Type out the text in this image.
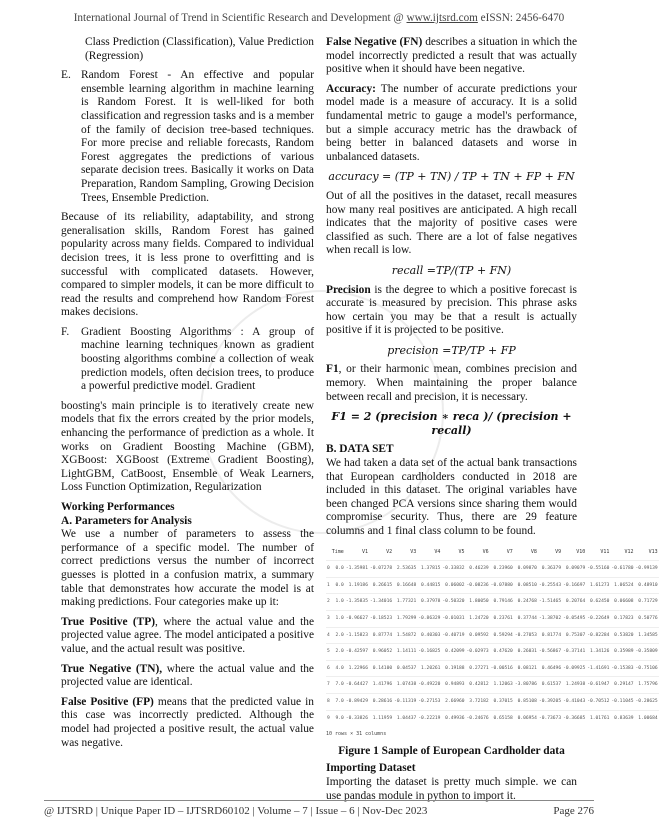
International Journal of Trend in Scientific Research and Development @ www.ijtsrd.com eISSN: 2456-6470

Class Prediction (Classification), Value Prediction (Regression)

E. Random Forest - An effective and popular ensemble learning algorithm in machine learning is Random Forest. It is well-liked for both classification and regression tasks and is a member of the family of decision tree-based techniques. For more precise and reliable forecasts, Random Forest aggregates the predictions of various separate decision trees. Basically it works on Data Preparation, Random Sampling, Growing Decision Trees, Ensemble Prediction.

Because of its reliability, adaptability, and strong generalisation skills, Random Forest has gained popularity across many fields. Compared to individual decision trees, it is less prone to overfitting and is successful with complicated datasets. However, compared to simpler models, it can be more difficult to read the results and comprehend how Random Forest makes decisions.

F.	Gradient Boosting Algorithms : A group of machine learning techniques known as gradient boosting algorithms combine a collection of weak prediction models, often decision trees, to produce a powerful predictive model. Gradient

boosting's main principle is to iteratively create new models that fix the errors created by the prior models, enhancing the performance of prediction as a whole. It works on Gradient Boosting Machine (GBM), XGBoost: XGBoost (Extreme Gradient Boosting), LightGBM, CatBoost, Ensemble of Weak Learners, Loss Function Optimization, Regularization

Working Performances

A. Parameters for Analysis

We use a number of parameters to assess the performance of a specific model. The number of correct predictions versus the number of incorrect guesses is plotted in a confusion matrix, a summary table that demonstrates how accurate the model is at making predictions. Four categories make up it:

True Positive (TP), where the actual value and the projected value agree. The model anticipated a positive value, and the actual result was positive.

True Negative (TN), where the actual value and the projected value are identical.

False Positive (FP) means that the predicted value in this case was incorrectly predicted. Although the model had projected a positive result, the actual value was negative.

False Negative (FN) describes a situation in which the model incorrectly predicted a result that was actually positive when it should have been negative.

Accuracy: The number of accurate predictions your model made is a measure of accuracy. It is a solid fundamental metric to gauge a model's performance, but a simple accuracy metric has the drawback of being better in balanced datasets and worse in unbalanced datasets.

accuracy = (TP + TN) / TP + TN + FP + FN

Out of all the positives in the dataset, recall measures how many real positives are anticipated. A high recall indicates that the majority of positive cases were classified as such. There are a lot of false negatives when recall is low.

recall =TP/(TP + FN)

Precision is the degree to which a positive forecast is accurate is measured by precision. This phrase asks how certain you may be that a result is actually positive if it is projected to be positive.

precision =TP/TP + FP

F1, or their harmonic mean, combines precision and memory. When maintaining the proper balance between recall and precision, it is necessary.

F1 = 2 (precision ∗ reca )/ (precision + recall)

B. DATA SET

We had taken a data set of the actual bank transactions that European cardholders conducted in 2018 are included in this dataset. The original variables have been changed PCA versions since sharing them would compromise security. Thus, there are 29 feature columns and 1 final class column to be found.

	Time	V1	V2	V3	V4	V5	V6	V7	V8	V9	V10	V11	V12	V13
0	0.0	-1.35981	-0.07278	2.53635	1.37815	-0.33832	0.46239	0.23960	0.09870	0.36379	0.09079	-0.55160	-0.61780	-0.99139
1	0.0	1.19186	0.26615	0.16648	0.44815	0.06002	-0.08236	-0.07880	0.08510	-0.25543	-0.16697	1.61273	1.06524	0.48910
2	1.0	-1.35835	-1.34016	1.77321	0.37978	-0.50320	1.80050	0.79146	0.24768	-1.51465	0.20764	0.62450	0.06608	0.71729
3	1.0	-0.96627	-0.18523	1.79299	-0.86329	-0.01031	1.24720	0.23761	0.37744	-1.38702	-0.05495	-0.22649	0.17823	0.50776
4	2.0	-1.15823	0.87774	1.54872	0.40303	-0.40719	0.09592	0.59294	-0.27053	0.81774	0.75307	-0.82284	0.53820	1.34585
5	2.0	-0.42597	0.96052	1.14111	-0.16825	0.42099	-0.02973	0.47620	0.26031	-0.56867	-0.37141	1.34126	0.35989	-0.35809
6	4.0	1.22966	0.14100	0.04537	1.20261	0.19188	0.27271	-0.00516	0.08121	0.46496	-0.09925	-1.41691	-0.15383	-0.75106
7	7.0	-0.64427	1.41796	1.07438	-0.49220	0.94893	0.42812	1.12063	-3.80786	0.61537	1.24938	-0.61947	0.29147	1.75796
8	7.0	-0.89429	0.28616	-0.11319	-0.27153	2.66960	3.72182	0.37015	0.85108	-0.39205	-0.41043	-0.70512	-0.11045	-0.28625
9	9.0	-0.33826	1.11959	1.04437	-0.22219	0.49936	-0.24676	0.65158	0.06954	-0.73673	-0.36685	1.01761	0.83639	1.00684
10 rows × 31 columns

Figure 1 Sample of European Cardholder data

Importing Dataset

Importing the dataset is pretty much simple. we can use pandas module in python to import it.

@ IJTSRD | Unique Paper ID – IJTSRD60102 | Volume – 7 | Issue – 6 | Nov-Dec 2023	Page 276
